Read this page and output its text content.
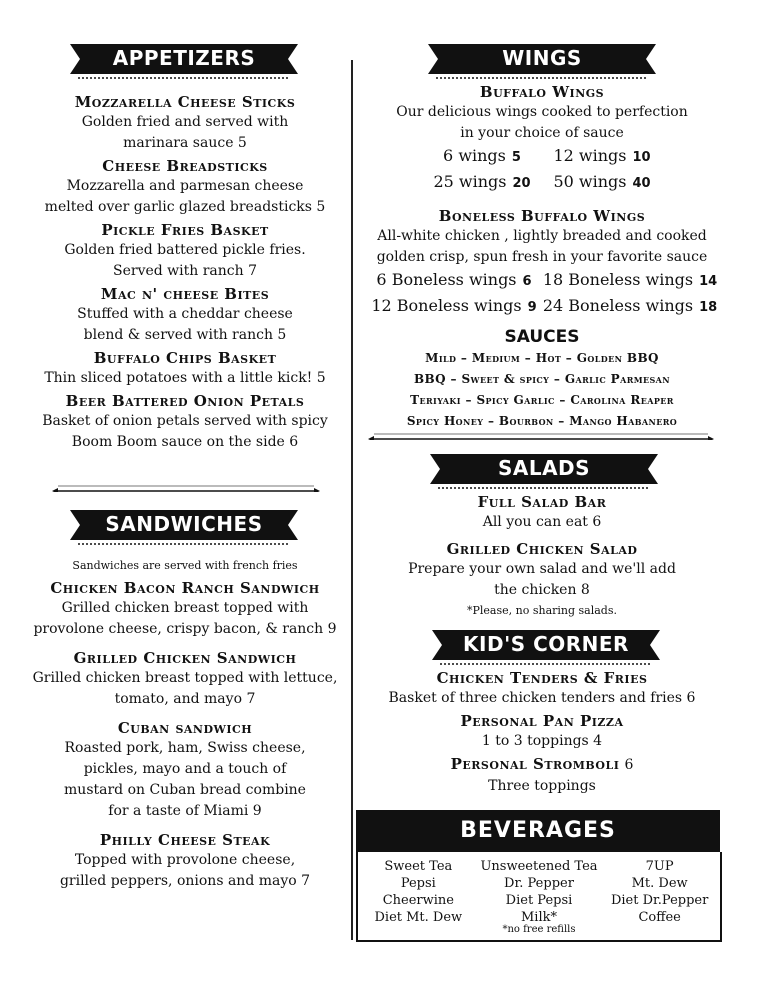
APPETIZERS
Mozzarella Cheese Sticks
Golden fried and served with
marinara sauce 5
Cheese Breadsticks
Mozzarella and parmesan cheese
melted over garlic glazed breadsticks 5
Pickle Fries Basket
Golden fried battered pickle fries.
Served with ranch 7
Mac n' cheese Bites
Stuffed with a cheddar cheese
blend & served with ranch 5
Buffalo Chips Basket
Thin sliced potatoes with a little kick! 5
Beer Battered Onion Petals
Basket of onion petals served with spicy
Boom Boom sauce on the side 6
SANDWICHES
Sandwiches are served with french fries
Chicken Bacon Ranch Sandwich
Grilled chicken breast topped with
provolone cheese, crispy bacon, & ranch 9
Grilled Chicken Sandwich
Grilled chicken breast topped with lettuce,
tomato, and mayo 7
Cuban sandwich
Roasted pork, ham, Swiss cheese,
pickles, mayo and a touch of
mustard on Cuban bread combine
for a taste of Miami 9
Philly Cheese Steak
Topped with provolone cheese,
grilled peppers, onions and mayo 7
WINGS
Buffalo Wings
Our delicious wings cooked to perfection
in your choice of sauce
6 wings 5	12 wings 10
25 wings 20	50 wings 40
Boneless Buffalo Wings
All-white chicken , lightly breaded and cooked
golden crisp, spun fresh in your favorite sauce
6 Boneless wings 6 18 Boneless wings 14
12 Boneless wings 9 24 Boneless wings 18
SAUCES
Mild – Medium – Hot – Golden BBQ
BBQ – Sweet & spicy – Garlic Parmesan
Teriyaki – Spicy Garlic – Carolina Reaper
Spicy Honey – Bourbon – Mango Habanero
SALADS
Full Salad Bar
All you can eat 6
Grilled Chicken Salad
Prepare your own salad and we'll add
the chicken 8
*Please, no sharing salads.
KID'S CORNER
Chicken Tenders & Fries
Basket of three chicken tenders and fries 6
Personal Pan Pizza
1 to 3 toppings 4
Personal Stromboli 6
Three toppings
BEVERAGES
Sweet Tea	Unsweetened Tea	7UP
Pepsi	Dr. Pepper	Mt. Dew
Cheerwine	Diet Pepsi	Diet Dr.Pepper
Diet Mt. Dew	Milk*	Coffee
*no free refills
